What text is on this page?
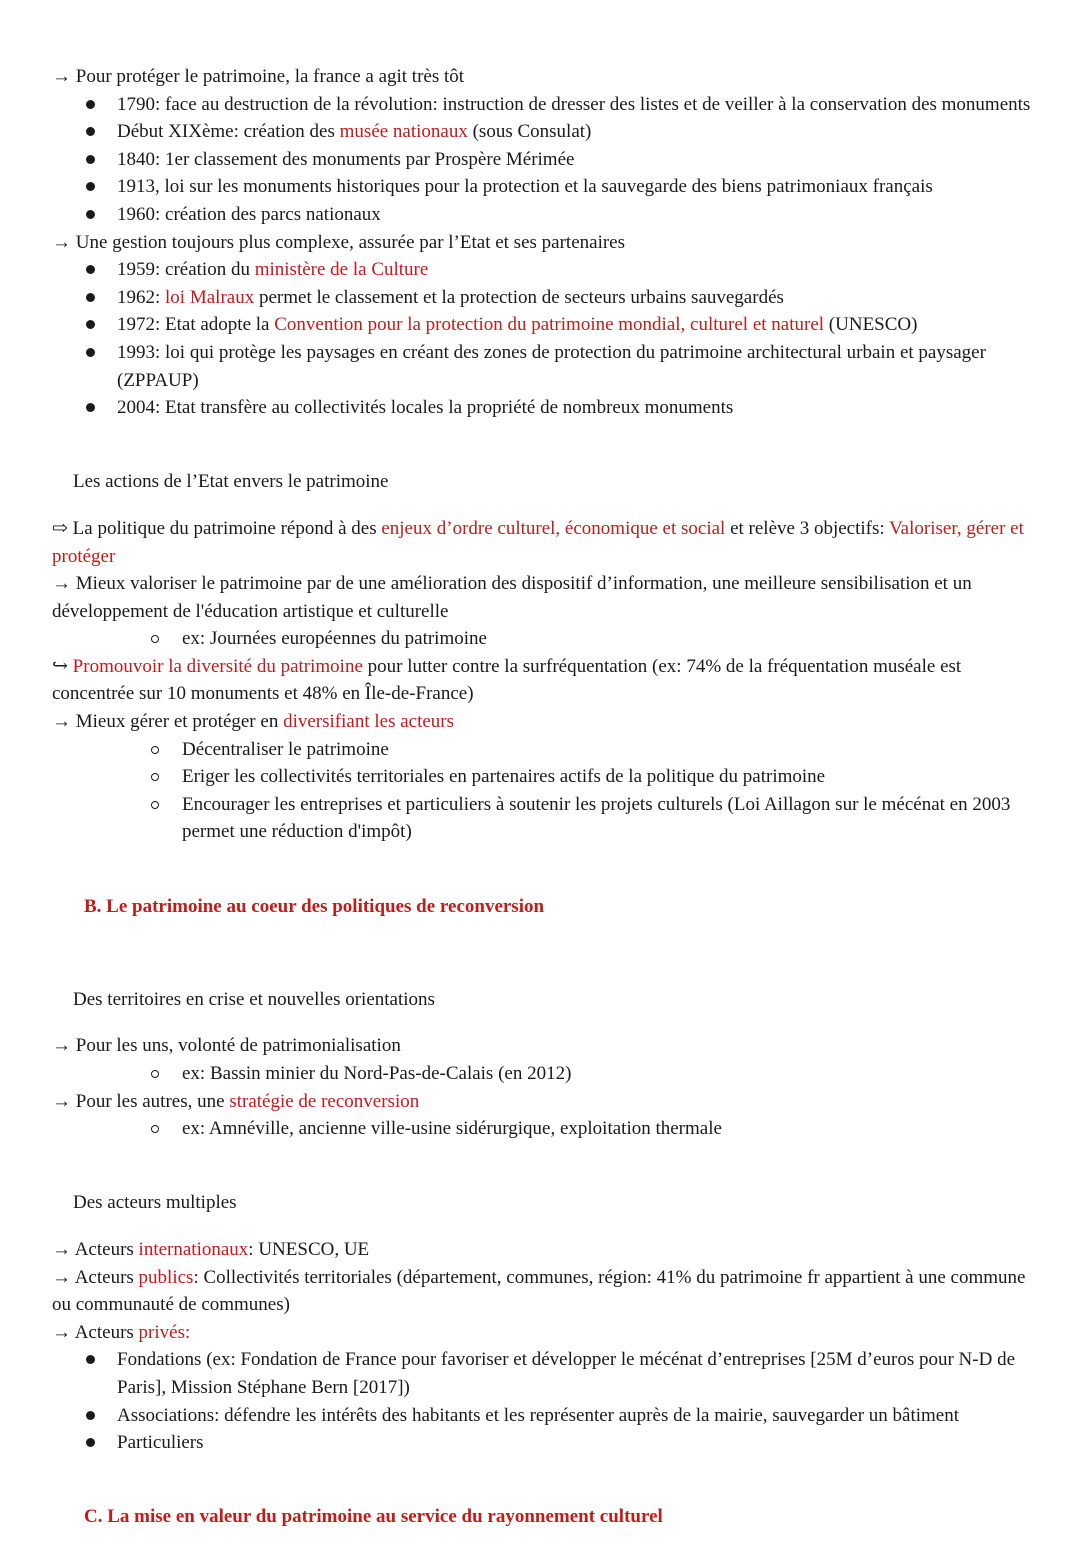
→ Pour protéger le patrimoine, la france a agit très tôt

1790: face au destruction de la révolution: instruction de dresser des listes et de veiller à la conservation des monuments
Début XIXème: création des musée nationaux (sous Consulat)
1840: 1er classement des monuments par Prospère Mérimée
1913, loi sur les monuments historiques pour la protection et la sauvegarde des biens patrimoniaux français
1960: création des parcs nationaux

→ Une gestion toujours plus complexe, assurée par l’Etat et ses partenaires

1959: création du ministère de la Culture
1962: loi Malraux permet le classement et la protection de secteurs urbains sauvegardés
1972: Etat adopte la Convention pour la protection du patrimoine mondial, culturel et naturel (UNESCO)
1993: loi qui protège les paysages en créant des zones de protection du patrimoine architectural urbain et paysager (ZPPAUP)
2004: Etat transfère au collectivités locales la propriété de nombreux monuments

Les actions de l’Etat envers le patrimoine

⇨ La politique du patrimoine répond à des enjeux d’ordre culturel, économique et social et relève 3 objectifs: Valoriser, gérer et protéger

→ Mieux valoriser le patrimoine par de une amélioration des dispositif d’information, une meilleure sensibilisation et un développement de l'éducation artistique et culturelle

ex: Journées européennes du patrimoine

↪ Promouvoir la diversité du patrimoine pour lutter contre la surfréquentation (ex: 74% de la fréquentation muséale est concentrée sur 10 monuments et 48% en Île-de-France)

→ Mieux gérer et protéger en diversifiant les acteurs

Décentraliser le patrimoine
Eriger les collectivités territoriales en partenaires actifs de la politique du patrimoine
Encourager les entreprises et particuliers à soutenir les projets culturels (Loi Aillagon sur le mécénat en 2003 permet une réduction d'impôt)

B. Le patrimoine au coeur des politiques de reconversion

Des territoires en crise et nouvelles orientations

→ Pour les uns, volonté de patrimonialisation

ex: Bassin minier du Nord-Pas-de-Calais (en 2012)

→ Pour les autres, une stratégie de reconversion

ex: Amnéville, ancienne ville-usine sidérurgique, exploitation thermale

Des acteurs multiples

→ Acteurs internationaux: UNESCO, UE

→ Acteurs publics: Collectivités territoriales (département, communes, région: 41% du patrimoine fr appartient à une commune ou communauté de communes)

→ Acteurs privés:

Fondations (ex: Fondation de France pour favoriser et développer le mécénat d’entreprises [25M d’euros pour N-D de Paris], Mission Stéphane Bern [2017])
Associations: défendre les intérêts des habitants et les représenter auprès de la mairie, sauvegarder un bâtiment
Particuliers

C. La mise en valeur du patrimoine au service du rayonnement culturel
